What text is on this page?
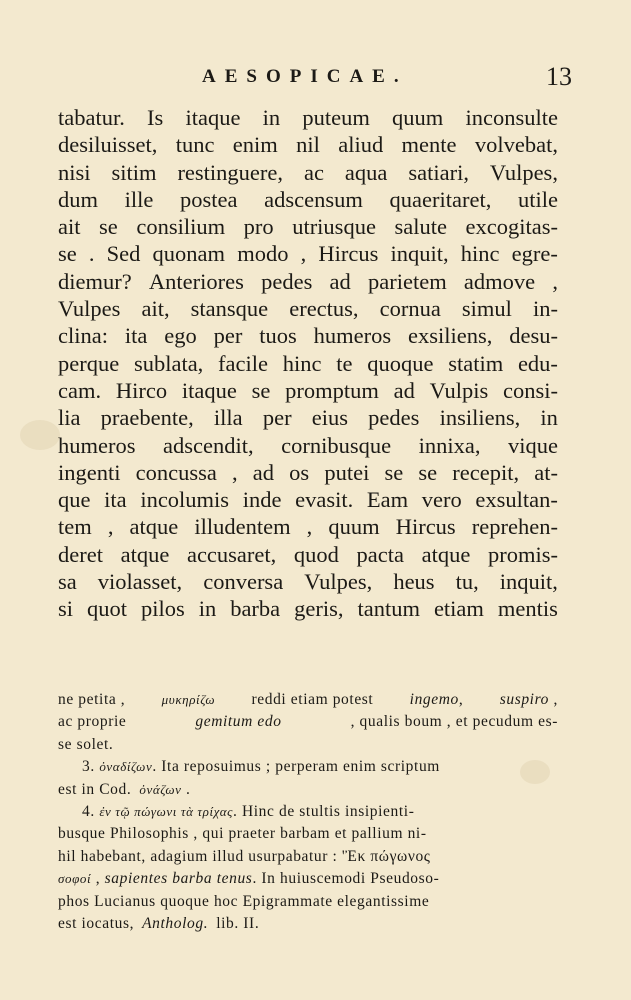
AESOPICAE.	13
tabatur. Is itaque in puteum quum inconsulte
desiluisset, tunc enim nil aliud mente volvebat,
nisi sitim restinguere, ac aqua satiari, Vulpes,
dum ille postea adscensum quaeritaret, utile
ait se consilium pro utriusque salute excogitas-
se . Sed quonam modo , Hircus inquit, hinc egre-
diemur? Anteriores pedes ad parietem admove ,
Vulpes ait, stansque erectus, cornua simul in-
clina: ita ego per tuos humeros exsiliens, desu-
perque sublata, facile hinc te quoque statim edu-
cam. Hirco itaque se promptum ad Vulpis consi-
lia praebente, illa per eius pedes insiliens, in
humeros adscendit, cornibusque innixa, vique
ingenti concussa , ad os putei se se recepit, at-
que ita incolumis inde evasit. Eam vero exsultan-
tem , atque illudentem , quum Hircus reprehen-
deret atque accusaret, quod pacta atque promis-
sa violasset, conversa Vulpes, heus tu, inquit,
si quot pilos in barba geris, tantum etiam mentis
ne petita ,	μυκηρίζω reddi etiam potest ingemo, suspiro ,
ac proprie	gemitum edo	, qualis boum , et pecudum es-
se solet.
3. ὀναδίζων. Ita reposuimus ; perperam enim scriptum
est in Cod. ὀνάζων .
4. ἐν τῷ πώγωνι τὰ τρίχας. Hinc de stultis insipienti-
busque Philosophis , qui praeter barbam et pallium ni-
hil habebant, adagium illud usurpabatur : 'Ἐκ πώγωνος
σοφοί , sapientes barba tenus. In huiuscemodi Pseudoso-
phos Lucianus quoque hoc Epigrammate elegantissime
est iocatus, Antholog. lib. II.
